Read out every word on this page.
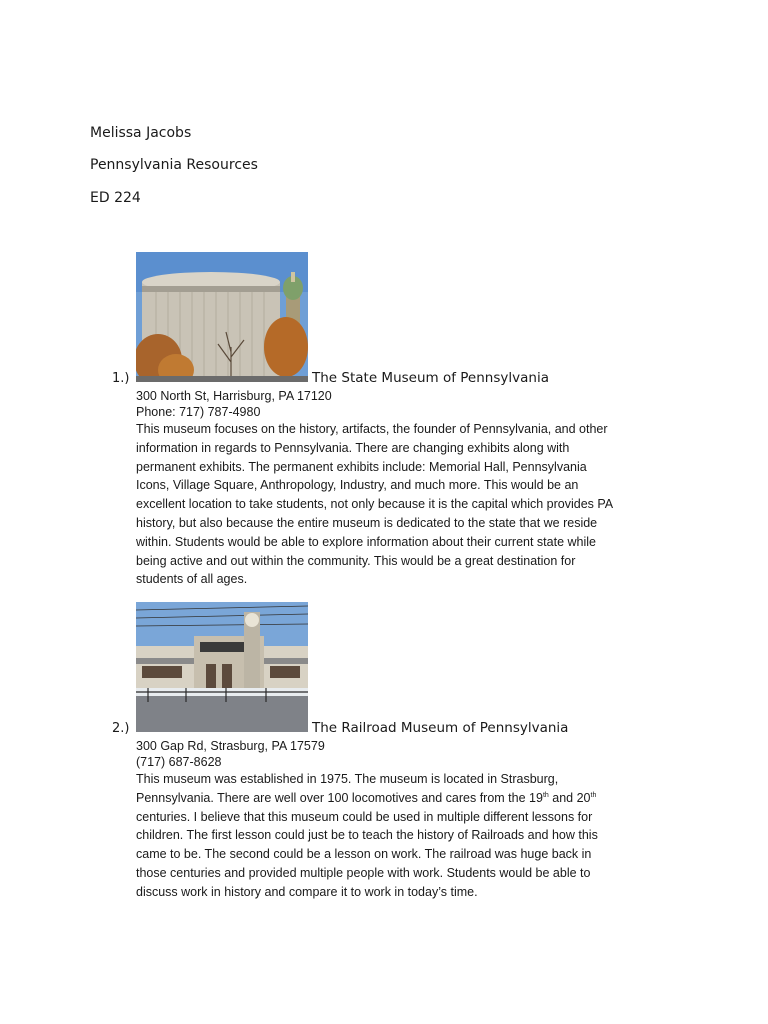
Melissa Jacobs
Pennsylvania Resources
ED 224
1.)	The State Museum of Pennsylvania
300 North St, Harrisburg, PA 17120
Phone: 717) 787-4980
This museum focuses on the history, artifacts, the founder of Pennsylvania, and other
information in regards to Pennsylvania. There are changing exhibits along with
permanent exhibits. The permanent exhibits include: Memorial Hall, Pennsylvania
Icons, Village Square, Anthropology, Industry, and much more. This would be an
excellent location to take students, not only because it is the capital which provides PA
history, but also because the entire museum is dedicated to the state that we reside
within. Students would be able to explore information about their current state while
being active and out within the community. This would be a great destination for
students of all ages.
2.)	The Railroad Museum of Pennsylvania
300 Gap Rd, Strasburg, PA 17579
(717) 687-8628
This museum was established in 1975. The museum is located in Strasburg,
Pennsylvania. There are well over 100 locomotives and cares from the 19th and 20th
centuries. I believe that this museum could be used in multiple different lessons for
children. The first lesson could just be to teach the history of Railroads and how this
came to be. The second could be a lesson on work. The railroad was huge back in
those centuries and provided multiple people with work. Students would be able to
discuss work in history and compare it to work in today’s time.
